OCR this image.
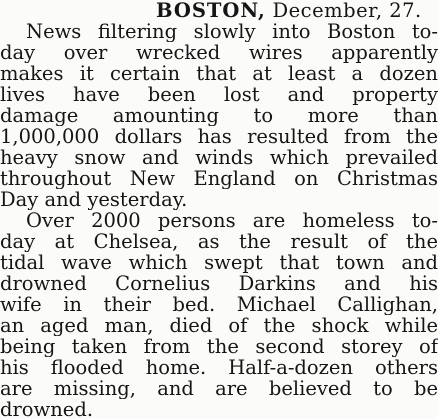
BOSTON, December, 27.
News filtering slowly into Boston to-
day over wrecked wires apparently
makes it certain that at least a dozen
lives have been lost and property
damage amounting to more than
1,000,000 dollars has resulted from the
heavy snow and winds which prevailed
throughout New England on Christmas
Day and yesterday.
Over 2000 persons are homeless to-
day at Chelsea, as the result of the
tidal wave which swept that town and
drowned Cornelius Darkins and his
wife in their bed. Michael Callighan,
an aged man, died of the shock while
being taken from the second storey of
his flooded home. Half-a-dozen others
are missing, and are believed to be
drowned.
